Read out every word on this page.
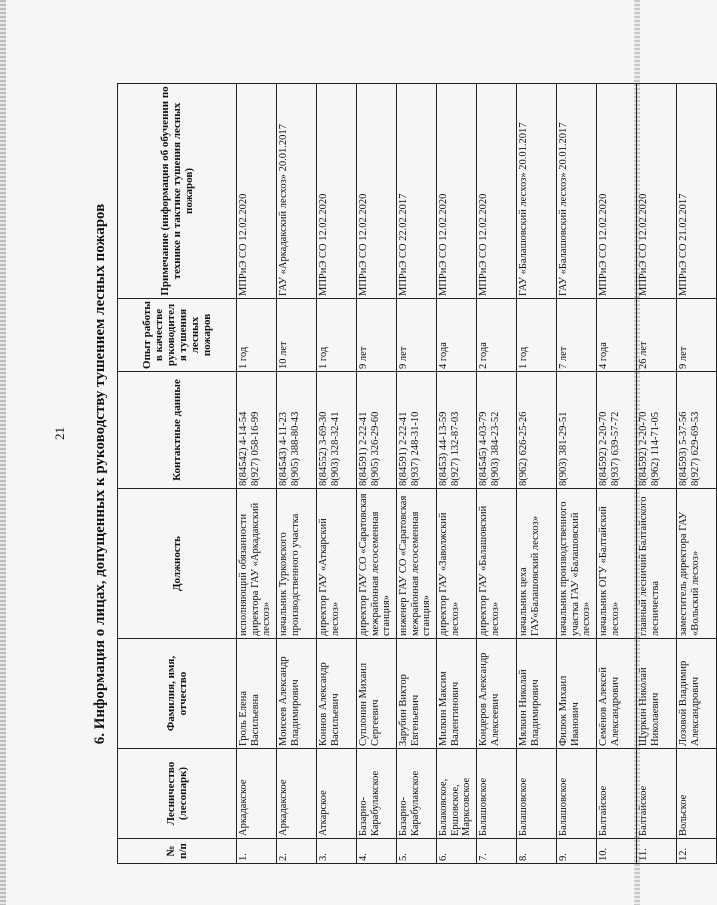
21 6. Информация о лицах, допущенных к руководству тушением лесных пожаров
№ п/п	Лесничество (лесопарк)	Фамилия, имя, отчество	Должность	Контактные данные	Опыт работы в качестве руководителя тушения лесных пожаров	Примечание (информация об обучении по технике и тактике тушения лесных пожаров)
1.	Аркадакское	Гроль Елена Васильевна	исполняющий обязанности директора ГАУ «Аркадакский лесхоз»	8(84542) 4-14-54
8(927) 058-16-99	1 год	МПРиЭ СО 12.02.2020
2.	Аркадакское	Моисеев Александр Владимирович	начальник Турковского производственного участка	8(84543) 4-11-23
8(905) 388-80-43	10 лет	ГАУ «Аркадакский лесхоз» 20.01.2017
3.	Аткарское	Коннов Александр Васильевич	директор ГАУ «Аткарский лесхоз»	8(84552) 3-69-30
8(903) 328-32-41	1 год	МПРиЭ СО 12.02.2020
4.	Базарно-Карабулакское	Суплонин Михаил Сергеевич	директор ГАУ СО «Саратовская межрайонная лесосеменная станция»	8(84591) 2-22-41
8(905) 326-29-60	9 лет	МПРиЭ СО 12.02.2020
5.	Базарно-Карабулакское	Зарубин Виктор Евгеньевич	инженер ГАУ СО «Саратовская межрайонная лесосеменная станция»	8(84591) 2-22-41
8(937) 248-31-10	9 лет	МПРиЭ СО 22.02.2017
6.	Балаковское, Ершовское, Марксовское	Милкин Максим Валентинович	директор ГАУ «Заволжский лесхоз»	8(8453) 44-13-59
8(927) 132-87-03	4 года	МПРиЭ СО 12.02.2020
7.	Балашовское	Кондеров Александр Алексеевич	директор ГАУ «Балашовский лесхоз»	8(84545) 4-03-79
8(903) 384-23-52	2 года	МПРиЭ СО 12.02.2020
8.	Балашовское	Мялкин Николай Владимирович	начальник цеха ГАУ«Балашовский лесхоз»	8(962) 626-25-26	1 год	ГАУ «Балашовский лесхоз» 20.01.2017
9.	Балашовское	Филюк Михаил Иванович	начальник производственного участка ГАУ «Балашовский лесхоз»	8(903) 381-29-51	7 лет	ГАУ «Балашовский лесхоз» 20.01.2017
10.	Балтайское	Семёнов Алексей Александрович	начальник ОГУ «Балтайский лесхоз»	8(84592) 2-20-70
8(937) 639-57-72	4 года	МПРиЭ СО 12.02.2020
11.	Балтайское	Щуркин Николай Николаевич	главный лесничий Балтайского лесничества	8(84592) 2-20-70
8(962) 114-71-05	26 лет	МПРиЭ СО 12.02.2020
12.	Вольское	Лозовой Владимир Александрович	заместитель директора ГАУ «Вольский лесхоз»	8(84593) 5-37-56
8(927) 629-69-53	9 лет	МПРиЭ СО 21.02.2017
